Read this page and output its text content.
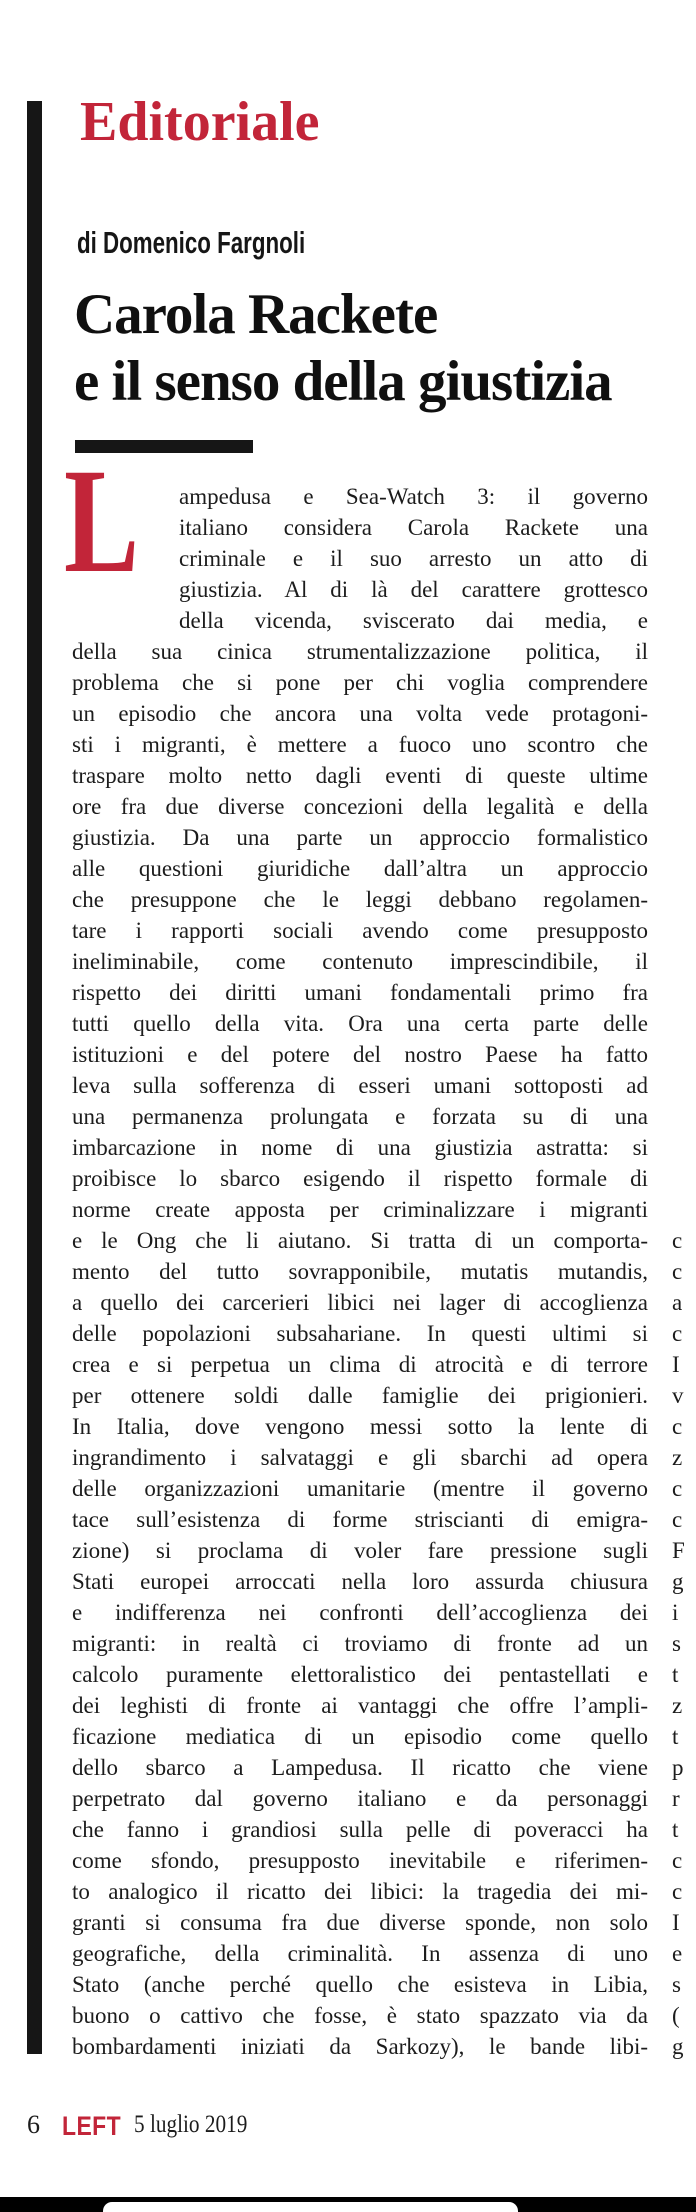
Editoriale
di Domenico Fargnoli
Carola Rackete
e il senso della giustizia
L ampedusa e Sea-Watch 3: il governo
italiano considera Carola Rackete una
criminale e il suo arresto un atto di
giustizia. Al di là del carattere grottesco
della vicenda, sviscerato dai media, e
della sua cinica strumentalizzazione politica, il
problema che si pone per chi voglia comprendere
un episodio che ancora una volta vede protagoni-
sti i migranti, è mettere a fuoco uno scontro che
traspare molto netto dagli eventi di queste ultime
ore fra due diverse concezioni della legalità e della
giustizia. Da una parte un approccio formalistico
alle questioni giuridiche dall’altra un approccio
che presuppone che le leggi debbano regolamen-
tare i rapporti sociali avendo come presupposto
ineliminabile, come contenuto imprescindibile, il
rispetto dei diritti umani fondamentali primo fra
tutti quello della vita. Ora una certa parte delle
istituzioni e del potere del nostro Paese ha fatto
leva sulla sofferenza di esseri umani sottoposti ad
una permanenza prolungata e forzata su di una
imbarcazione in nome di una giustizia astratta: si
proibisce lo sbarco esigendo il rispetto formale di
norme create apposta per criminalizzare i migranti
e le Ong che li aiutano. Si tratta di un comporta-
mento del tutto sovrapponibile, mutatis mutandis,
a quello dei carcerieri libici nei lager di accoglienza
delle popolazioni subsahariane. In questi ultimi si
crea e si perpetua un clima di atrocità e di terrore
per ottenere soldi dalle famiglie dei prigionieri.
In Italia, dove vengono messi sotto la lente di
ingrandimento i salvataggi e gli sbarchi ad opera
delle organizzazioni umanitarie (mentre il governo
tace sull’esistenza di forme striscianti di emigra-
zione) si proclama di voler fare pressione sugli
Stati europei arroccati nella loro assurda chiusura
e indifferenza nei confronti dell’accoglienza dei
migranti: in realtà ci troviamo di fronte ad un
calcolo puramente elettoralistico dei pentastellati e
dei leghisti di fronte ai vantaggi che offre l’ampli-
ficazione mediatica di un episodio come quello
dello sbarco a Lampedusa. Il ricatto che viene
perpetrato dal governo italiano e da personaggi
che fanno i grandiosi sulla pelle di poveracci ha
come sfondo, presupposto inevitabile e riferimen-
to analogico il ricatto dei libici: la tragedia dei mi-
granti si consuma fra due diverse sponde, non solo
geografiche, della criminalità. In assenza di uno
Stato (anche perché quello che esisteva in Libia,
buono o cattivo che fosse, è stato spazzato via da
bombardamenti iniziati da Sarkozy), le bande libi-
c
c
a
c
I
v
c
z
c
c
F
g
i
s
t
z
t
p
r
t
c
c
I
e
s
(
g
6 LEFT 5 luglio 2019
